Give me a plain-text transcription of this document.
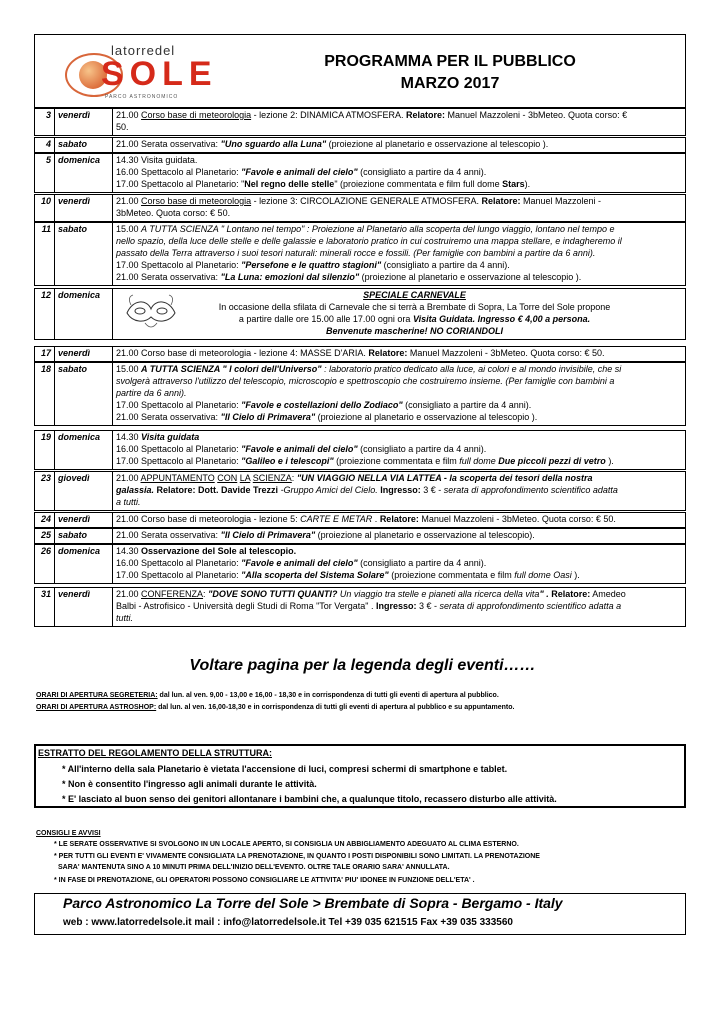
latorredel
SOLE
PARCO ASTRONOMICO
PROGRAMMA PER IL PUBBLICO
MARZO 2017
3 venerdì	21.00 Corso base di meteorologia - lezione 2: DINAMICA ATMOSFERA. Relatore: Manuel Mazzoleni - 3bMeteo. Quota corso: €
50.
4 sabato	21.00 Serata osservativa: "Uno sguardo alla Luna" (proiezione al planetario e osservazione al telescopio ).
5 domenica	14.30 Visita guidata.
16.00 Spettacolo al Planetario: "Favole e animali del cielo" (consigliato a partire da 4 anni).
17.00 Spettacolo al Planetario: "Nel regno delle stelle" (proiezione commentata e film full dome Stars).
10 venerdì	21.00 Corso base di meteorologia - lezione 3: CIRCOLAZIONE GENERALE ATMOSFERA. Relatore: Manuel Mazzoleni -
3bMeteo. Quota corso: € 50.
11 sabato	15.00 A TUTTA SCIENZA " Lontano nel tempo" : Proiezione al Planetario alla scoperta del lungo viaggio, lontano nel tempo e
nello spazio, della luce delle stelle e delle galassie e laboratorio pratico in cui costruiremo una mappa stellare, e indagheremo il
passato della Terra attraverso i suoi tesori naturali: minerali rocce e fossili. (Per famiglie con bambini a partire da 6 anni).
17.00 Spettacolo al Planetario: "Persefone e le quattro stagioni" (consigliato a partire da 4 anni).
21.00 Serata osservativa: "La Luna: emozioni dal silenzio" (proiezione al planetario e osservazione al telescopio ).
12 domenica	SPECIALE CARNEVALE
In occasione della sfilata di Carnevale che si terrà a Brembate di Sopra, La Torre del Sole propone
a partire dalle ore 15.00 alle 17.00 ogni ora Visita Guidata. Ingresso € 4,00 a persona.
Benvenute mascherine! NO CORIANDOLI
17 venerdì	21.00 Corso base di meteorologia - lezione 4: MASSE D'ARIA. Relatore: Manuel Mazzoleni - 3bMeteo. Quota corso: € 50.
18 sabato	15.00 A TUTTA SCIENZA " I colori dell'Universo" : laboratorio pratico dedicato alla luce, ai colori e al mondo invisibile, che si
svolgerà attraverso l'utilizzo del telescopio, microscopio e spettroscopio che costruiremo insieme. (Per famiglie con bambini a
partire da 6 anni).
17.00 Spettacolo al Planetario: "Favole e costellazioni dello Zodiaco" (consigliato a partire da 4 anni).
21.00 Serata osservativa: "Il Cielo di Primavera" (proiezione al planetario e osservazione al telescopio ).
19 domenica	14.30 Visita guidata
16.00 Spettacolo al Planetario: "Favole e animali del cielo" (consigliato a partire da 4 anni).
17.00 Spettacolo al Planetario: "Galileo e i telescopi" (proiezione commentata e film full dome Due piccoli pezzi di vetro ).
23 giovedì	21.00 APPUNTAMENTO CON LA SCIENZA: "UN VIAGGIO NELLA VIA LATTEA - la scoperta dei tesori della nostra
galassia. Relatore: Dott. Davide Trezzi -Gruppo Amici del Cielo. Ingresso: 3 € - serata di approfondimento scientifico adatta
a tutti.
24 venerdì	21.00 Corso base di meteorologia - lezione 5: CARTE E METAR . Relatore: Manuel Mazzoleni - 3bMeteo. Quota corso: € 50.
25 sabato	21.00 Serata osservativa: "Il Cielo di Primavera" (proiezione al planetario e osservazione al telescopio).
26 domenica	14.30 Osservazione del Sole al telescopio.
16.00 Spettacolo al Planetario: "Favole e animali del cielo" (consigliato a partire da 4 anni).
17.00 Spettacolo al Planetario: "Alla scoperta del Sistema Solare" (proiezione commentata e film full dome Oasi ).
31 venerdì	21.00 CONFERENZA: "DOVE SONO TUTTI QUANTI? Un viaggio tra stelle e pianeti alla ricerca della vita" . Relatore: Amedeo
Balbi - Astrofisico - Università degli Studi di Roma "Tor Vergata" . Ingresso: 3 € - serata di approfondimento scientifico adatta a
tutti.
Voltare pagina per la legenda degli eventi……
ORARI DI APERTURA SEGRETERIA: dal lun. al ven. 9,00 - 13,00 e 16,00 - 18,30 e in corrispondenza di tutti gli eventi di apertura al pubblico.
ORARI DI APERTURA ASTROSHOP: dal lun. al ven. 16,00-18,30 e in corrispondenza di tutti gli eventi di apertura al pubblico e su appuntamento.
ESTRATTO DEL REGOLAMENTO DELLA STRUTTURA:
* All'interno della sala Planetario è vietata l'accensione di luci, compresi schermi di smartphone e tablet.
* Non è consentito l'ingresso agli animali durante le attività.
* E' lasciato al buon senso dei genitori allontanare i bambini che, a qualunque titolo, recassero disturbo alle attività.
CONSIGLI E AVVISI
* LE SERATE OSSERVATIVE SI SVOLGONO IN UN LOCALE APERTO, SI CONSIGLIA UN ABBIGLIAMENTO ADEGUATO AL CLIMA ESTERNO.
* PER TUTTI GLI EVENTI E' VIVAMENTE CONSIGLIATA LA PRENOTAZIONE, IN QUANTO I POSTI DISPONIBILI SONO LIMITATI. LA PRENOTAZIONE
SARA' MANTENUTA SINO A 10 MINUTI PRIMA DELL'INIZIO DELL'EVENTO. OLTRE TALE ORARIO SARA' ANNULLATA.
* IN FASE DI PRENOTAZIONE, GLI OPERATORI POSSONO CONSIGLIARE LE ATTIVITA' PIU' IDONEE IN FUNZIONE DELL'ETA' .
Parco Astronomico La Torre del Sole > Brembate di Sopra - Bergamo - Italy
web : www.latorredelsole.it mail : info@latorredelsole.it Tel +39 035 621515 Fax +39 035 333560
